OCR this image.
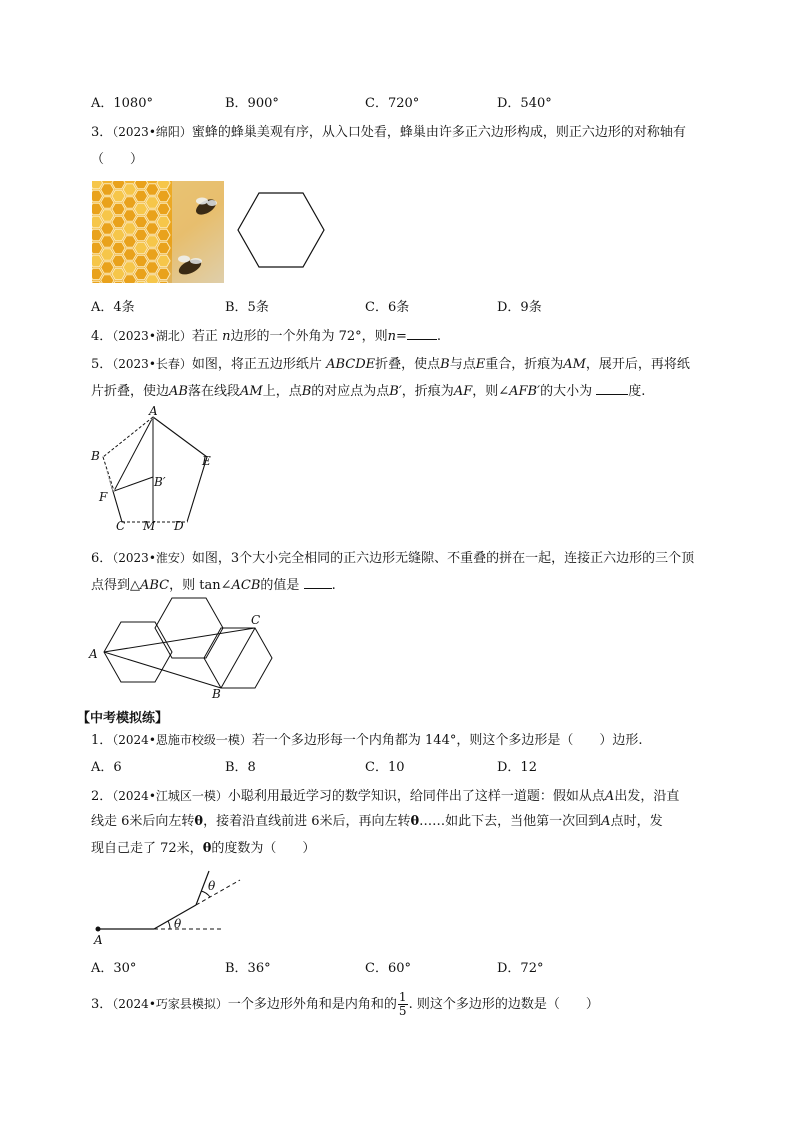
A．1080°	B．900°	C．720°	D．540°
3．（2023•绵阳）蜜蜂的蜂巢美观有序，从入口处看，蜂巢由许多正六边形构成，则正六边形的对称轴有
（　　）
A．4条	B．5条	C．6条	D．9条
4．（2023•湖北）若正 n边形的一个外角为 72°，则n= .
5．（2023•长春）如图，将正五边形纸片 ABCDE折叠，使点B与点E重合，折痕为AM，展开后，再将纸
片折叠，使边AB落在线段AM上，点B的对应点为点B′，折痕为AF，则∠AFB′的大小为	度.
A
B	E
F
B′
C M D
6．（2023•淮安）如图，3个大小完全相同的正六边形无缝隙、不重叠的拼在一起，连接正六边形的三个顶
点得到△ABC，则 tan∠ACB的值是 .
A
C
B
【中考模拟练】
1．（2024•恩施市校级一模）若一个多边形每一个内角都为 144°，则这个多边形是（　　）边形.
A．6	B．8	C．10	D．12
2．（2024•江城区一模）小聪利用最近学习的数学知识，给同伴出了这样一道题：假如从点A出发，沿直
线走 6米后向左转θ，接着沿直线前进 6米后，再向左转θ……如此下去，当他第一次回到A点时，发
现自己走了 72米，θ的度数为（　　）
A
θ
θ
A．30°	B．36°	C．60°	D．72°
3．（2024•巧家县模拟）一个多边形外角和是内角和的 $\frac{1}{5}$ . 则这个多边形的边数是（　　）
